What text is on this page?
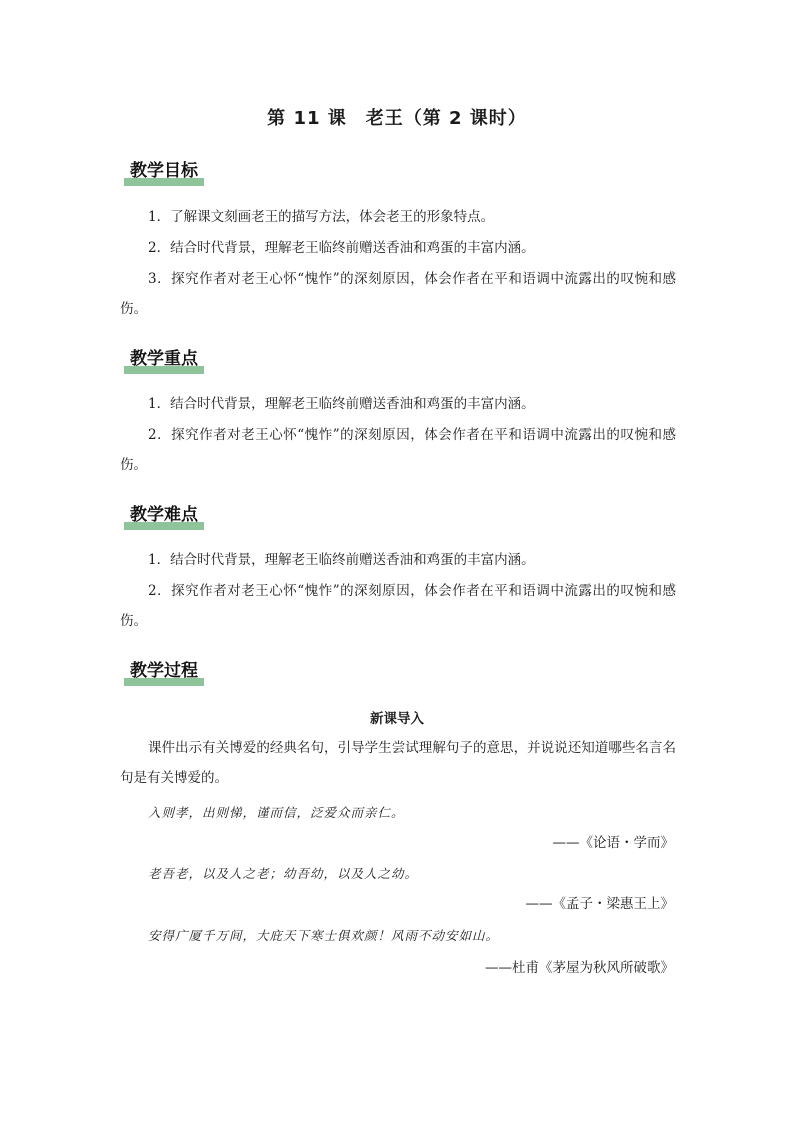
第 11 课　老王（第 2 课时）
教学目标
1．了解课文刻画老王的描写方法，体会老王的形象特点。
2．结合时代背景，理解老王临终前赠送香油和鸡蛋的丰富内涵。
3．探究作者对老王心怀“愧怍”的深刻原因，体会作者在平和语调中流露出的叹惋和感伤。
教学重点
1．结合时代背景，理解老王临终前赠送香油和鸡蛋的丰富内涵。
2．探究作者对老王心怀“愧怍”的深刻原因，体会作者在平和语调中流露出的叹惋和感伤。
教学难点
1．结合时代背景，理解老王临终前赠送香油和鸡蛋的丰富内涵。
2．探究作者对老王心怀“愧怍”的深刻原因，体会作者在平和语调中流露出的叹惋和感伤。
教学过程
新课导入
课件出示有关博爱的经典名句，引导学生尝试理解句子的意思，并说说还知道哪些名言名句是有关博爱的。
入则孝，出则悌，谨而信，泛爱众而亲仁。
——《论语・学而》
老吾老，以及人之老；幼吾幼，以及人之幼。
——《孟子・梁惠王上》
安得广厦千万间，大庇天下寒士俱欢颜！风雨不动安如山。
——杜甫《茅屋为秋风所破歌》
